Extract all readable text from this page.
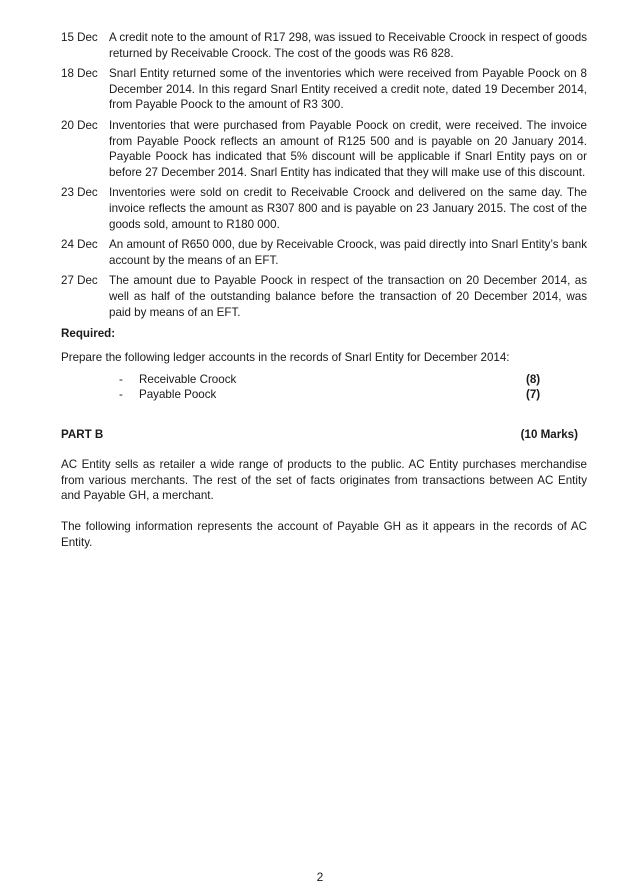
15 Dec A credit note to the amount of R17 298, was issued to Receivable Croock in respect of goods returned by Receivable Croock. The cost of the goods was R6 828.
18 Dec Snarl Entity returned some of the inventories which were received from Payable Poock on 8 December 2014. In this regard Snarl Entity received a credit note, dated 19 December 2014, from Payable Poock to the amount of R3 300.
20 Dec Inventories that were purchased from Payable Poock on credit, were received. The invoice from Payable Poock reflects an amount of R125 500 and is payable on 20 January 2014. Payable Poock has indicated that 5% discount will be applicable if Snarl Entity pays on or before 27 December 2014. Snarl Entity has indicated that they will make use of this discount.
23 Dec Inventories were sold on credit to Receivable Croock and delivered on the same day. The invoice reflects the amount as R307 800 and is payable on 23 January 2015. The cost of the goods sold, amount to R180 000.
24 Dec An amount of R650 000, due by Receivable Croock, was paid directly into Snarl Entity’s bank account by the means of an EFT.
27 Dec The amount due to Payable Poock in respect of the transaction on 20 December 2014, as well as half of the outstanding balance before the transaction of 20 December 2014, was paid by means of an EFT.
Required:
Prepare the following ledger accounts in the records of Snarl Entity for December 2014:
-	Receivable Croock	(8)
-	Payable Poock	(7)
PART B	(10 Marks)
AC Entity sells as retailer a wide range of products to the public. AC Entity purchases merchandise from various merchants. The rest of the set of facts originates from transactions between AC Entity and Payable GH, a merchant.
The following information represents the account of Payable GH as it appears in the records of AC Entity.
2
